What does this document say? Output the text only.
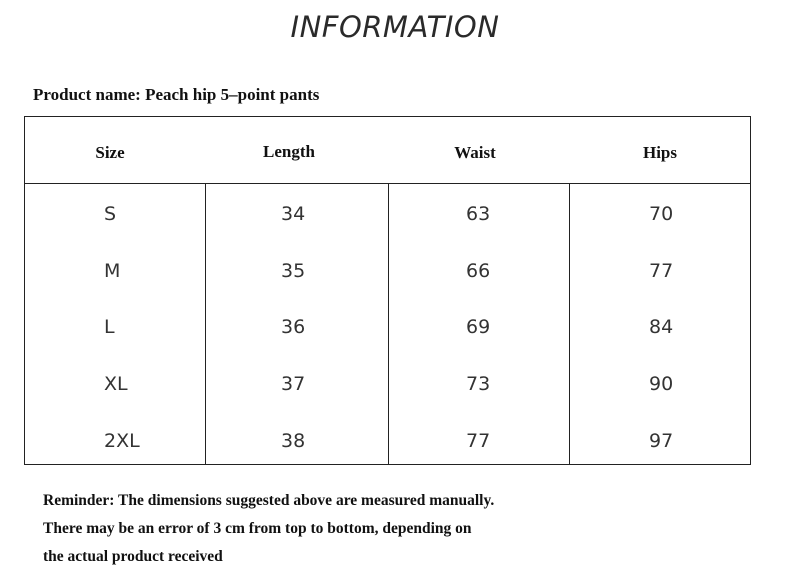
INFORMATION
Product name: Peach hip 5–point pants
Size	Length	Waist	Hips
S	34	63	70
M	35	66	77
L	36	69	84
XL	37	73	90
2XL	38	77	97
Reminder: The dimensions suggested above are measured manually.
There may be an error of 3 cm from top to bottom, depending on
the actual product received
